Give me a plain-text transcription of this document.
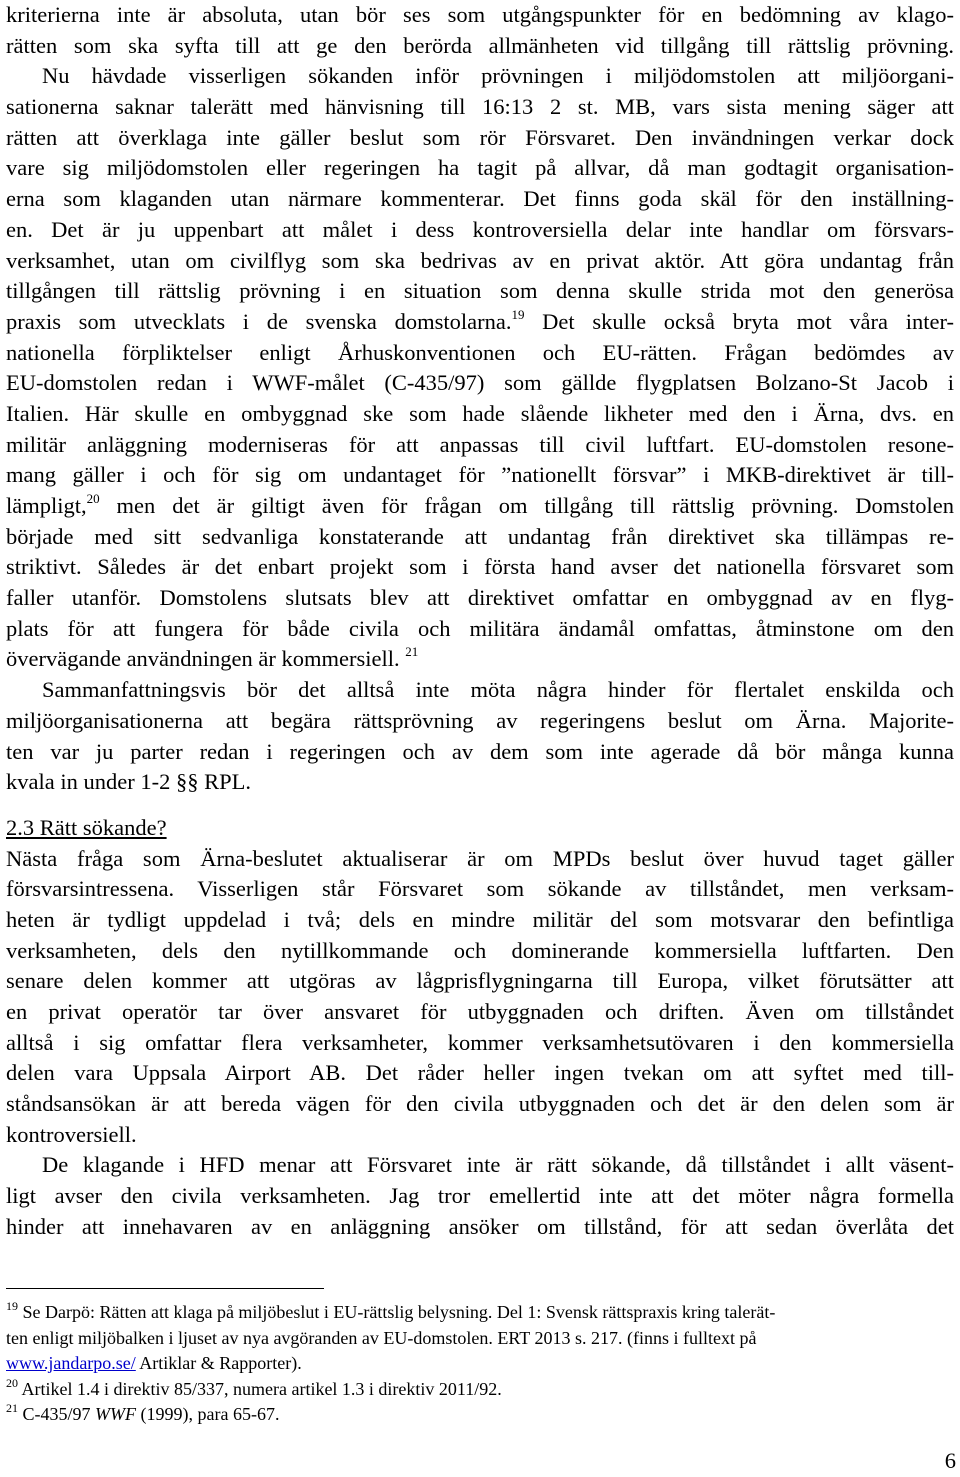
kriterierna inte är absoluta, utan bör ses som utgångspunkter för en bedömning av klago-
rätten som ska syfta till att ge den berörda allmänheten vid tillgång till rättslig prövning.
Nu hävdade visserligen sökanden inför prövningen i miljödomstolen att miljöorgani-
sationerna saknar talerätt med hänvisning till 16:13 2 st. MB, vars sista mening säger att
rätten att överklaga inte gäller beslut som rör Försvaret. Den invändningen verkar dock
vare sig miljödomstolen eller regeringen ha tagit på allvar, då man godtagit organisation-
erna som klaganden utan närmare kommenterar. Det finns goda skäl för den inställning-
en. Det är ju uppenbart att målet i dess kontroversiella delar inte handlar om försvars-
verksamhet, utan om civilflyg som ska bedrivas av en privat aktör. Att göra undantag från
tillgången till rättslig prövning i en situation som denna skulle strida mot den generösa
praxis som utvecklats i de svenska domstolarna.$^{19}$ Det skulle också bryta mot våra inter-
nationella förpliktelser enligt Århuskonventionen och EU-rätten. Frågan bedömdes av
EU-domstolen redan i WWF-målet (C-435/97) som gällde flygplatsen Bolzano-St Jacob i
Italien. Här skulle en ombyggnad ske som hade slående likheter med den i Ärna, dvs. en
militär anläggning moderniseras för att anpassas till civil luftfart. EU-domstolen resone-
mang gäller i och för sig om undantaget för ”nationellt försvar” i MKB-direktivet är till-
lämpligt,$^{20}$ men det är giltigt även för frågan om tillgång till rättslig prövning. Domstolen
började med sitt sedvanliga konstaterande att undantag från direktivet ska tillämpas re-
striktivt. Således är det enbart projekt som i första hand avser det nationella försvaret som
faller utanför. Domstolens slutsats blev att direktivet omfattar en ombyggnad av en flyg-
plats för att fungera för både civila och militära ändamål omfattas, åtminstone om den
övervägande användningen är kommersiell. $^{21}$
Sammanfattningsvis bör det alltså inte möta några hinder för flertalet enskilda och
miljöorganisationerna att begära rättsprövning av regeringens beslut om Ärna. Majorite-
ten var ju parter redan i regeringen och av dem som inte agerade då bör många kunna
kvala in under 1-2 §§ RPL.
2.3 Rätt sökande?
Nästa fråga som Ärna-beslutet aktualiserar är om MPDs beslut över huvud taget gäller
försvarsintressena. Visserligen står Försvaret som sökande av tillståndet, men verksam-
heten är tydligt uppdelad i två; dels en mindre militär del som motsvarar den befintliga
verksamheten, dels den nytillkommande och dominerande kommersiella luftfarten. Den
senare delen kommer att utgöras av lågprisflygningarna till Europa, vilket förutsätter att
en privat operatör tar över ansvaret för utbyggnaden och driften. Även om tillståndet
alltså i sig omfattar flera verksamheter, kommer verksamhetsutövaren i den kommersiella
delen vara Uppsala Airport AB. Det råder heller ingen tvekan om att syftet med till-
ståndsansökan är att bereda vägen för den civila utbyggnaden och det är den delen som är
kontroversiell.
De klagande i HFD menar att Försvaret inte är rätt sökande, då tillståndet i allt väsent-
ligt avser den civila verksamheten. Jag tror emellertid inte att det möter några formella
hinder att innehavaren av en anläggning ansöker om tillstånd, för att sedan överlåta det
$^{19}$ Se Darpö: Rätten att klaga på miljöbeslut i EU-rättslig belysning. Del 1: Svensk rättspraxis kring talerät-
ten enligt miljöbalken i ljuset av nya avgöranden av EU-domstolen. ERT 2013 s. 217. (finns i fulltext på
www.jandarpo.se/ Artiklar & Rapporter).
$^{20}$ Artikel 1.4 i direktiv 85/337, numera artikel 1.3 i direktiv 2011/92.
$^{21}$ C-435/97 WWF (1999), para 65-67.
6
